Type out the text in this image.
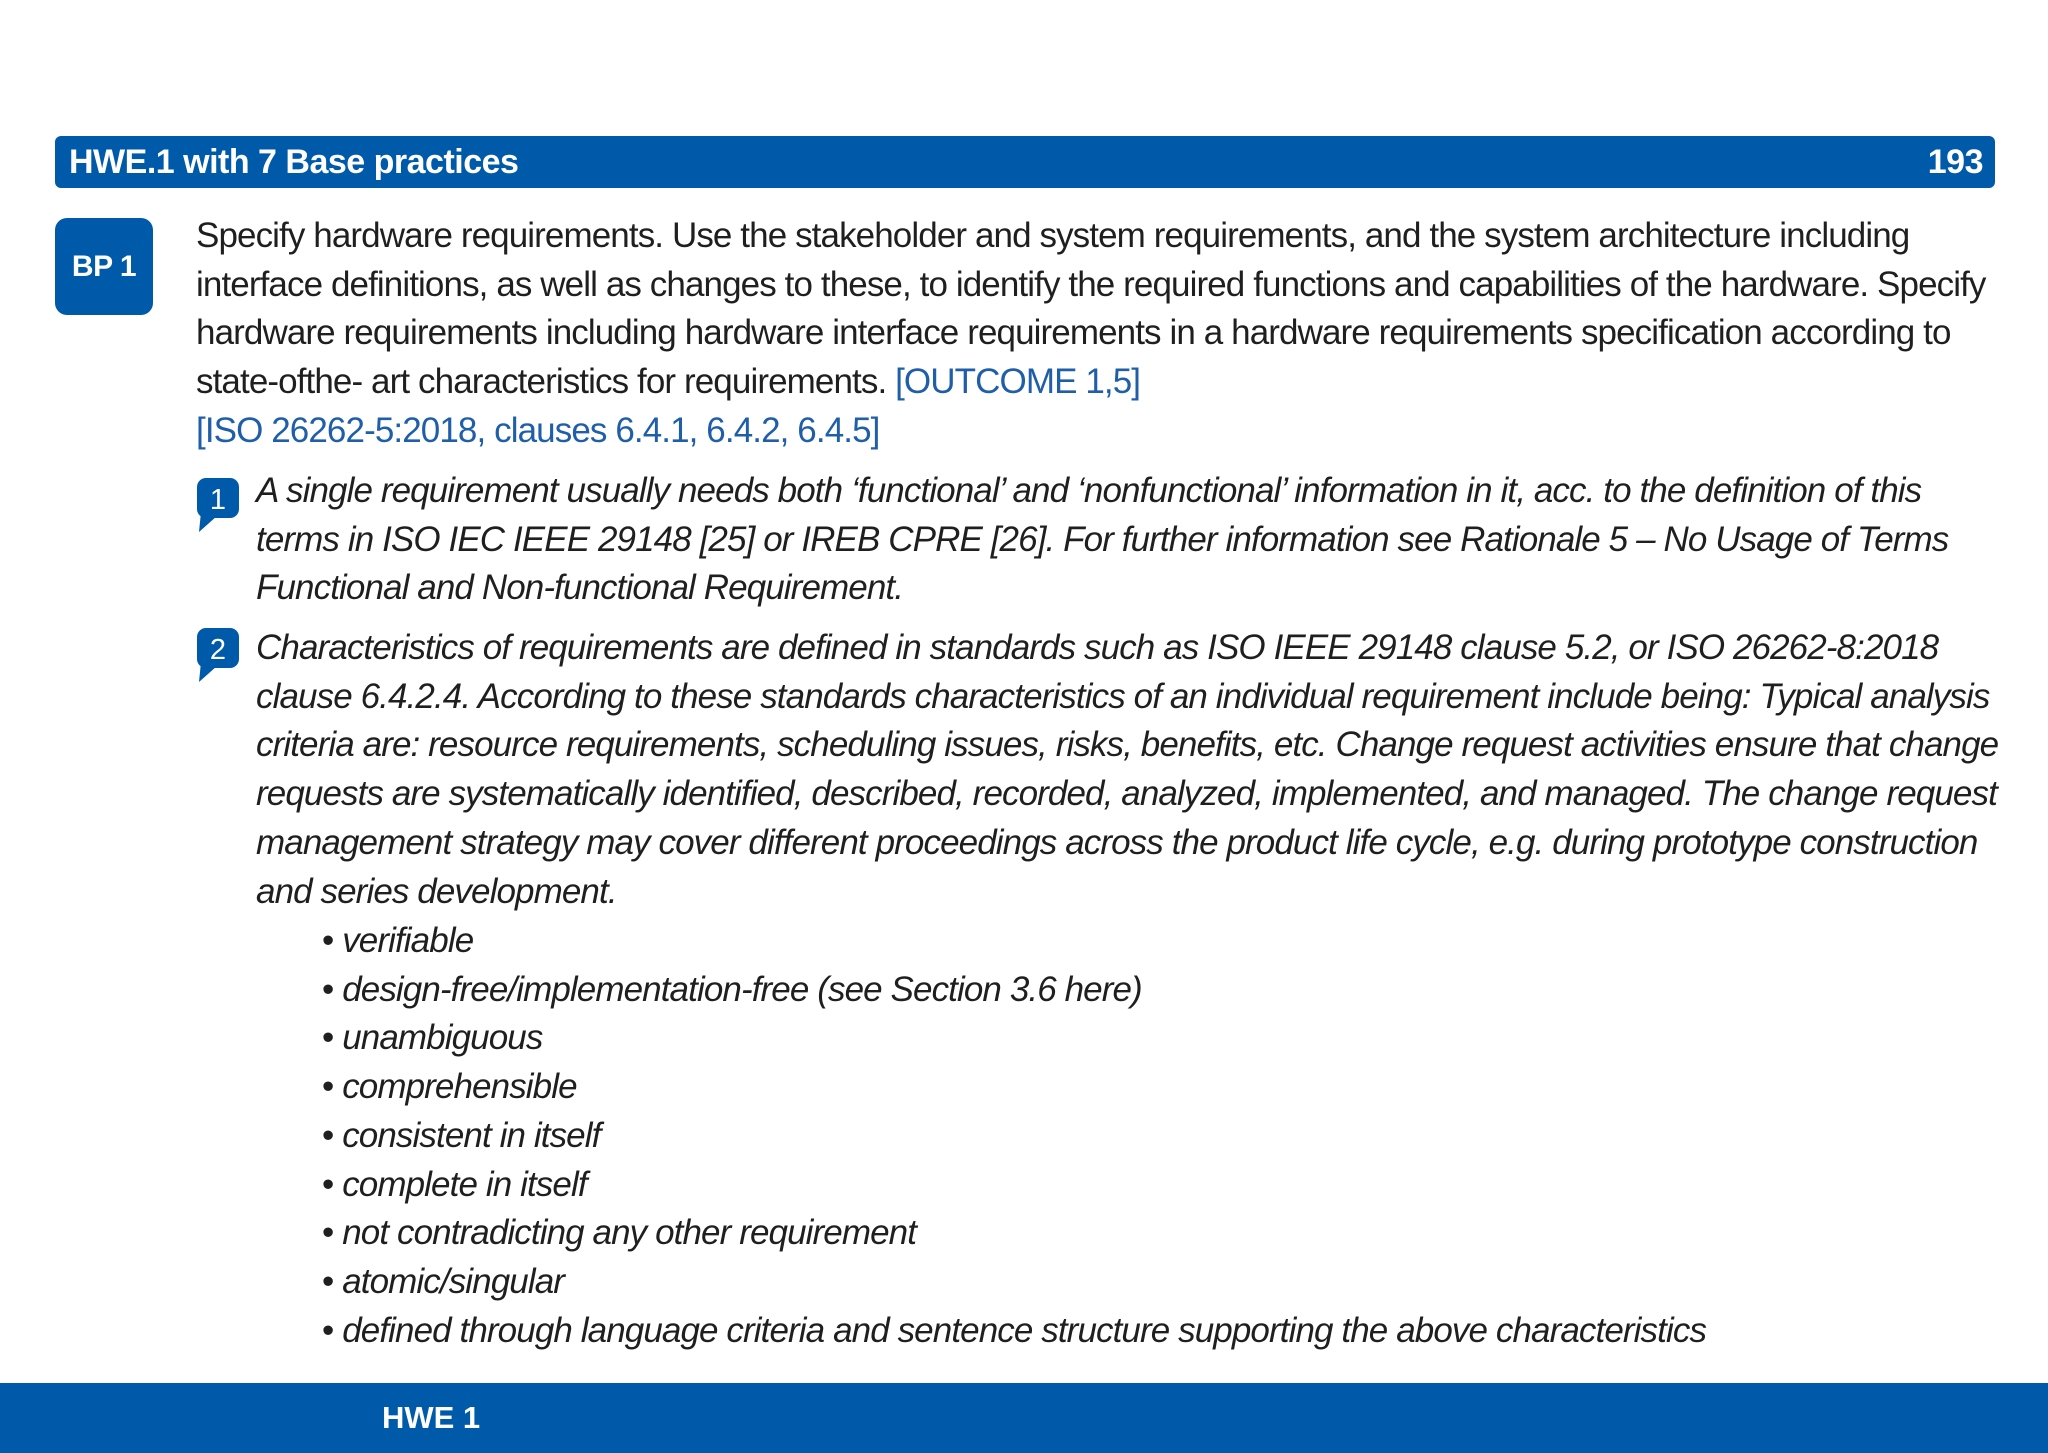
HWE.1 with 7 Base practices	193
BP 1
Specify hardware requirements. Use the stakeholder and system requirements, and the system architecture including interface definitions, as well as changes to these, to identify the required functions and capabilities of the hardware. Specify hardware requirements including hardware interface requirements in a hardware requirements specification according to state-ofthe- art characteristics for requirements. [OUTCOME 1,5]
[ISO 26262-5:2018, clauses 6.4.1, 6.4.2, 6.4.5]
1 A single requirement usually needs both ‘functional’ and ‘nonfunctional’ information in it, acc. to the definition of this terms in ISO IEC IEEE 29148 [25] or IREB CPRE [26]. For further information see Rationale 5 – No Usage of Terms Functional and Non-functional Requirement.
2 Characteristics of requirements are defined in standards such as ISO IEEE 29148 clause 5.2, or ISO 26262-8:2018 clause 6.4.2.4. According to these standards characteristics of an individual requirement include being: Typical analysis criteria are: resource requirements, scheduling issues, risks, benefits, etc. Change request activities ensure that change requests are systematically identified, described, recorded, analyzed, implemented, and managed. The change request management strategy may cover different proceedings across the product life cycle, e.g. during prototype construction and series development.
• verifiable
• design-free/implementation-free (see Section 3.6 here)
• unambiguous
• comprehensible
• consistent in itself
• complete in itself
• not contradicting any other requirement
• atomic/singular
• defined through language criteria and sentence structure supporting the above characteristics
HWE 1
